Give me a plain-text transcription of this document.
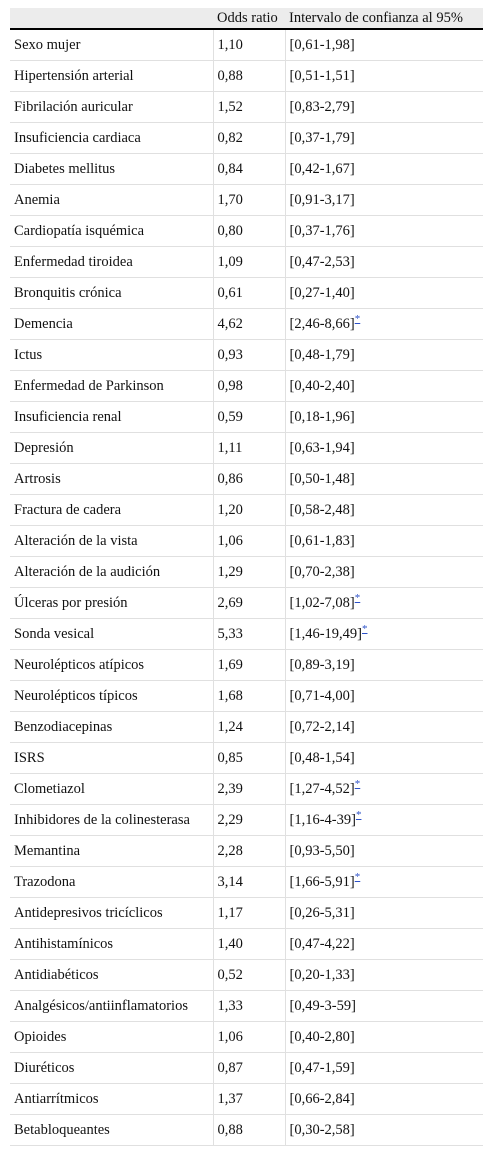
	Odds ratio	Intervalo de confianza al 95%
Sexo mujer	1,10	[0,61-1,98]
Hipertensión arterial	0,88	[0,51-1,51]
Fibrilación auricular	1,52	[0,83-2,79]
Insuficiencia cardiaca	0,82	[0,37-1,79]
Diabetes mellitus	0,84	[0,42-1,67]
Anemia	1,70	[0,91-3,17]
Cardiopatía isquémica	0,80	[0,37-1,76]
Enfermedad tiroidea	1,09	[0,47-2,53]
Bronquitis crónica	0,61	[0,27-1,40]
Demencia	4,62	[2,46-8,66]*
Ictus	0,93	[0,48-1,79]
Enfermedad de Parkinson	0,98	[0,40-2,40]
Insuficiencia renal	0,59	[0,18-1,96]
Depresión	1,11	[0,63-1,94]
Artrosis	0,86	[0,50-1,48]
Fractura de cadera	1,20	[0,58-2,48]
Alteración de la vista	1,06	[0,61-1,83]
Alteración de la audición	1,29	[0,70-2,38]
Úlceras por presión	2,69	[1,02-7,08]*
Sonda vesical	5,33	[1,46-19,49]*
Neurolépticos atípicos	1,69	[0,89-3,19]
Neurolépticos típicos	1,68	[0,71-4,00]
Benzodiacepinas	1,24	[0,72-2,14]
ISRS	0,85	[0,48-1,54]
Clometiazol	2,39	[1,27-4,52]*
Inhibidores de la colinesterasa	2,29	[1,16-4-39]*
Memantina	2,28	[0,93-5,50]
Trazodona	3,14	[1,66-5,91]*
Antidepresivos tricíclicos	1,17	[0,26-5,31]
Antihistamínicos	1,40	[0,47-4,22]
Antidiabéticos	0,52	[0,20-1,33]
Analgésicos/antiinflamatorios	1,33	[0,49-3-59]
Opioides	1,06	[0,40-2,80]
Diuréticos	0,87	[0,47-1,59]
Antiarrítmicos	1,37	[0,66-2,84]
Betabloqueantes	0,88	[0,30-2,58]
